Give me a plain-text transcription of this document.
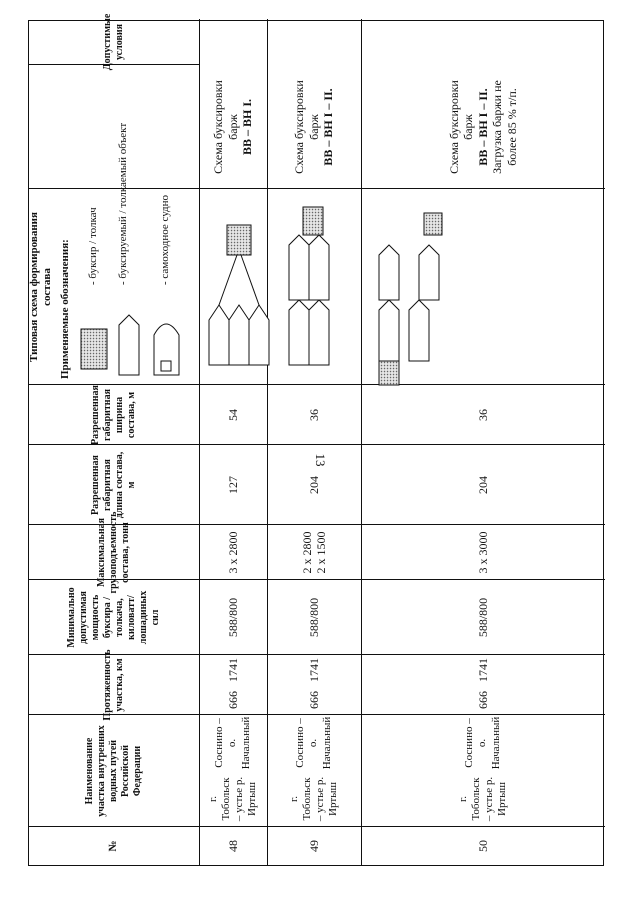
13
№
Наименование участка внутренних водных путей Российской Федерации
Протяженность участка, км
Минимально допустимая мощность буксира / толкача, киловатт/лошадиных сил
Максимальная грузоподъемность состава, тонн
Разрешенная габаритная длина состава, м
Разрешенная габаритная ширина состава, м
Допустимые условия
Типовая схема формирования состава Применяемые обозначения: - буксир / толкач - буксируемый / толкаемый объект	- самоходное судно
48
г. Тобольск – устье р. Иртыш
Соснино – о. Начальный
666
1741
588/800
3 x 2800
127
54
Схема буксировки барж ВВ – ВН I.
49
г. Тобольск – устье р. Иртыш
Соснино – о. Начальный
666
1741
588/800
2 x 2800 2 x 1500
204
36
Схема буксировки барж ВВ – ВН I – II.
50
г. Тобольск – устье р. Иртыш
Соснино – о. Начальный
666
1741
588/800
3 x 3000
204
36
Схема буксировки барж ВВ – ВН I – II. Загрузка баржи не более 85 % т/п.
